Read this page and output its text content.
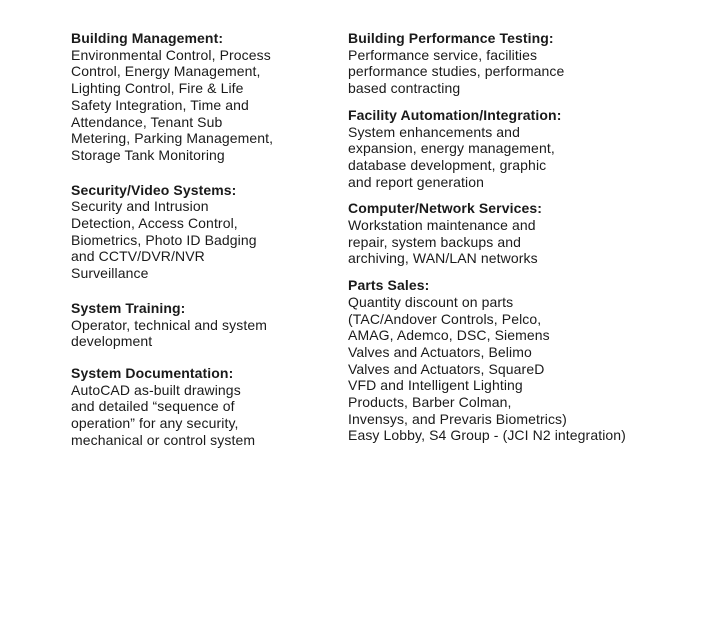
Building Management:
Environmental Control, Process
Control, Energy Management,
Lighting Control, Fire & Life
Safety Integration, Time and
Attendance, Tenant Sub
Metering, Parking Management,
Storage Tank Monitoring
Security/Video Systems:
Security and Intrusion
Detection, Access Control,
Biometrics, Photo ID Badging
and CCTV/DVR/NVR
Surveillance
System Training:
Operator, technical and system
development
System Documentation:
AutoCAD as-built drawings
and detailed “sequence of
operation” for any security,
mechanical or control system
Building Performance Testing:
Performance service, facilities
performance studies, performance
based contracting
Facility Automation/Integration:
System enhancements and
expansion, energy management,
database development, graphic
and report generation
Computer/Network Services:
Workstation maintenance and
repair, system backups and
archiving, WAN/LAN networks
Parts Sales:
Quantity discount on parts
(TAC/Andover Controls, Pelco,
AMAG, Ademco, DSC, Siemens
Valves and Actuators, Belimo
Valves and Actuators, SquareD
VFD and Intelligent Lighting
Products, Barber Colman,
Invensys, and Prevaris Biometrics)
Easy Lobby, S4 Group - (JCI N2 integration)
